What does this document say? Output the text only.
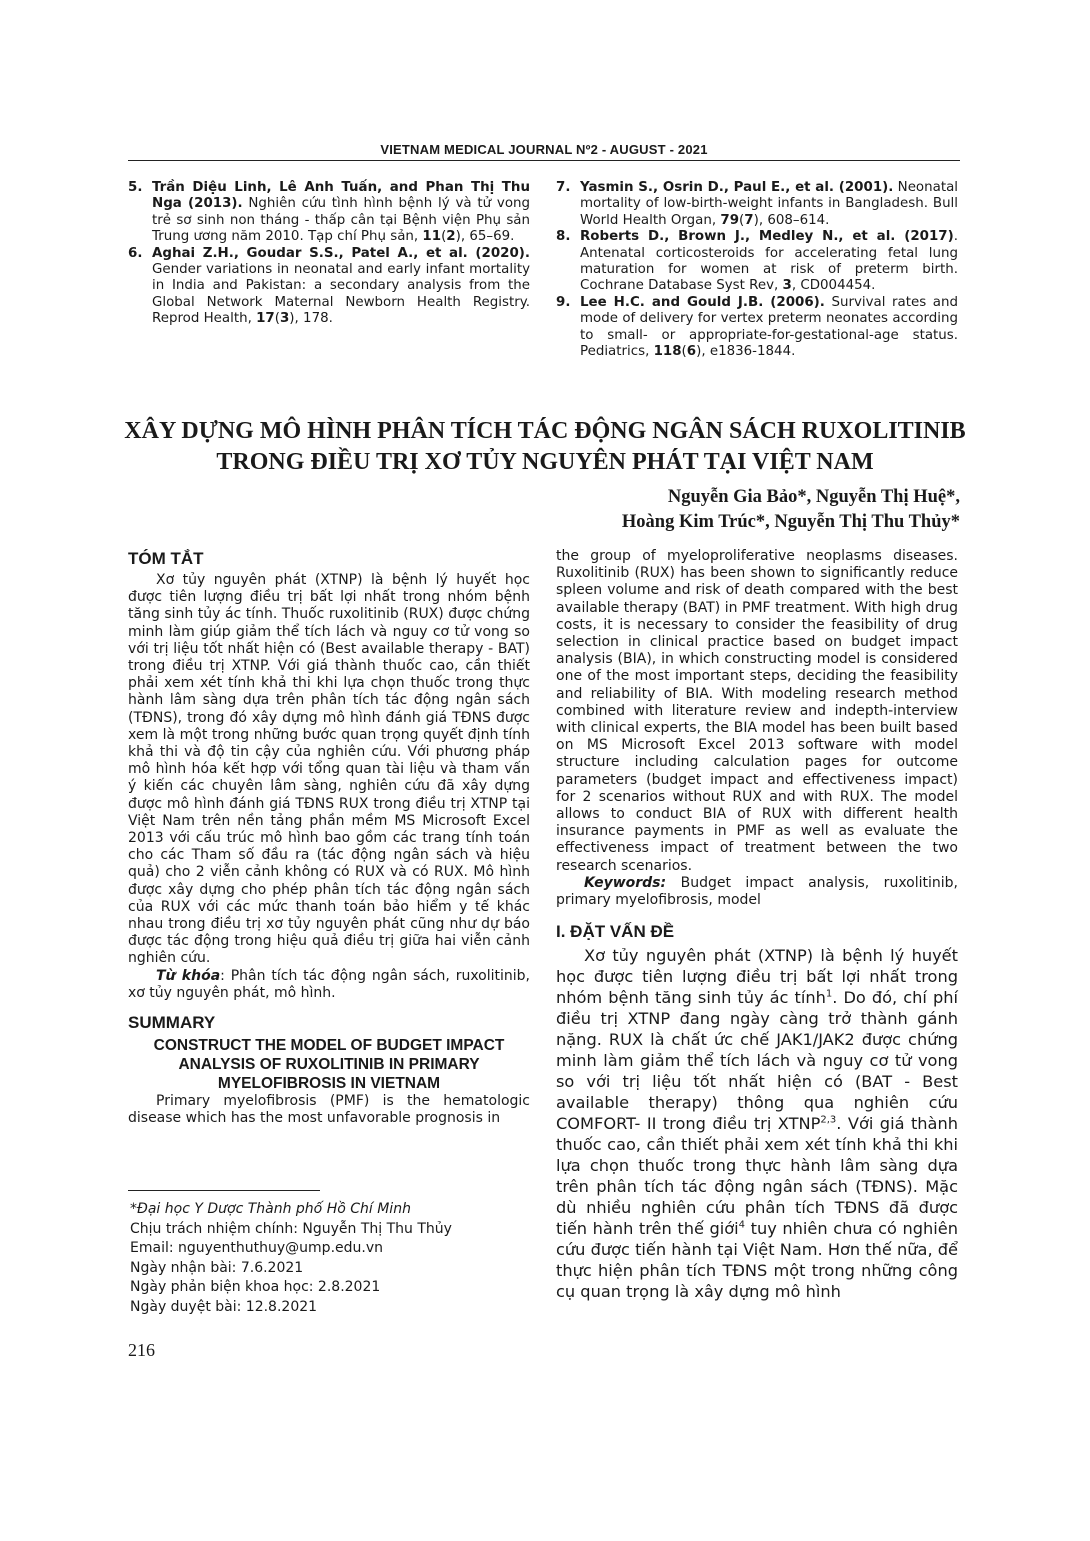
VIETNAM MEDICAL JOURNAL Nº2 - AUGUST - 2021

5. Trần Diệu Linh, Lê Anh Tuấn, and Phan Thị Thu Nga (2013). Nghiên cứu tình hình bệnh lý và tử vong trẻ sơ sinh non tháng - thấp cân tại Bệnh viện Phụ sản Trung ương năm 2010. Tạp chí Phụ sản, 11(2), 65–69.

6. Aghai Z.H., Goudar S.S., Patel A., et al. (2020). Gender variations in neonatal and early infant mortality in India and Pakistan: a secondary analysis from the Global Network Maternal Newborn Health Registry. Reprod Health, 17(3), 178.

7. Yasmin S., Osrin D., Paul E., et al. (2001). Neonatal mortality of low-birth-weight infants in Bangladesh. Bull World Health Organ, 79(7), 608–614.

8. Roberts D., Brown J., Medley N., et al. (2017). Antenatal corticosteroids for accelerating fetal lung maturation for women at risk of preterm birth. Cochrane Database Syst Rev, 3, CD004454.

9. Lee H.C. and Gould J.B. (2006). Survival rates and mode of delivery for vertex preterm neonates according to small- or appropriate-for-gestational-age status. Pediatrics, 118(6), e1836-1844.

XÂY DỰNG MÔ HÌNH PHÂN TÍCH TÁC ĐỘNG NGÂN SÁCH RUXOLITINIB
TRONG ĐIỀU TRỊ XƠ TỦY NGUYÊN PHÁT TẠI VIỆT NAM
Nguyễn Gia Bảo*, Nguyễn Thị Huệ*,
Hoàng Kim Trúc*, Nguyễn Thị Thu Thủy*
TÓM TẮT

Xơ tủy nguyên phát (XTNP) là bệnh lý huyết học được tiên lượng điều trị bất lợi nhất trong nhóm bệnh tăng sinh tủy ác tính. Thuốc ruxolitinib (RUX) được chứng minh làm giúp giảm thể tích lách và nguy cơ tử vong so với trị liệu tốt nhất hiện có (Best available therapy - BAT) trong điều trị XTNP. Với giá thành thuốc cao, cần thiết phải xem xét tính khả thi khi lựa chọn thuốc trong thực hành lâm sàng dựa trên phân tích tác động ngân sách (TĐNS), trong đó xây dựng mô hình đánh giá TĐNS được xem là một trong những bước quan trọng quyết định tính khả thi và độ tin cậy của nghiên cứu. Với phương pháp mô hình hóa kết hợp với tổng quan tài liệu và tham vấn ý kiến các chuyên lâm sàng, nghiên cứu đã xây dựng được mô hình đánh giá TĐNS RUX trong điều trị XTNP tại Việt Nam trên nền tảng phần mềm MS Microsoft Excel 2013 với cấu trúc mô hình bao gồm các trang tính toán cho các Tham số đầu ra (tác động ngân sách và hiệu quả) cho 2 viễn cảnh không có RUX và có RUX. Mô hình được xây dựng cho phép phân tích tác động ngân sách của RUX với các mức thanh toán bảo hiểm y tế khác nhau trong điều trị xơ tủy nguyên phát cũng như dự báo được tác động trong hiệu quả điều trị giữa hai viễn cảnh nghiên cứu.

Từ khóa: Phân tích tác động ngân sách, ruxolitinib, xơ tủy nguyên phát, mô hình.

SUMMARY
CONSTRUCT THE MODEL OF BUDGET IMPACT ANALYSIS OF RUXOLITINIB IN PRIMARY MYELOFIBROSIS IN VIETNAM

Primary myelofibrosis (PMF) is the hematologic disease which has the most unfavorable prognosis in

the group of myeloproliferative neoplasms diseases. Ruxolitinib (RUX) has been shown to significantly reduce spleen volume and risk of death compared with the best available therapy (BAT) in PMF treatment. With high drug costs, it is necessary to consider the feasibility of drug selection in clinical practice based on budget impact analysis (BIA), in which constructing model is considered one of the most important steps, deciding the feasibility and reliability of BIA. With modeling research method combined with literature review and indepth-interview with clinical experts, the BIA model has been built based on MS Microsoft Excel 2013 software with model structure including calculation pages for outcome parameters (budget impact and effectiveness impact) for 2 scenarios without RUX and with RUX. The model allows to conduct BIA of RUX with different health insurance payments in PMF as well as evaluate the effectiveness impact of treatment between the two research scenarios.

Keywords: Budget impact analysis, ruxolitinib, primary myelofibrosis, model

I. ĐẶT VẤN ĐỀ

Xơ tủy nguyên phát (XTNP) là bệnh lý huyết học được tiên lượng điều trị bất lợi nhất trong nhóm bệnh tăng sinh tủy ác tính$^1$. Do đó, chí phí điều trị XTNP đang ngày càng trở thành gánh nặng. RUX là chất ức chế JAK1/JAK2 được chứng minh làm giảm thể tích lách và nguy cơ tử vong so với trị liệu tốt nhất hiện có (BAT - Best available therapy) thông qua nghiên cứu COMFORT- II trong điều trị XTNP$^{2,3}$. Với giá thành thuốc cao, cần thiết phải xem xét tính khả thi khi lựa chọn thuốc trong thực hành lâm sàng dựa trên phân tích tác động ngân sách (TĐNS). Mặc dù nhiều nghiên cứu phân tích TĐNS đã được tiến hành trên thế giới$^4$ tuy nhiên chưa có nghiên cứu được tiến hành tại Việt Nam. Hơn thế nữa, để thực hiện phân tích TĐNS một trong những công cụ quan trọng là xây dựng mô hình

*Đại học Y Dược Thành phố Hồ Chí Minh
Chịu trách nhiệm chính: Nguyễn Thị Thu Thủy
Email: nguyenthuthuy@ump.edu.vn
Ngày nhận bài: 7.6.2021
Ngày phản biện khoa học: 2.8.2021
Ngày duyệt bài: 12.8.2021
216
